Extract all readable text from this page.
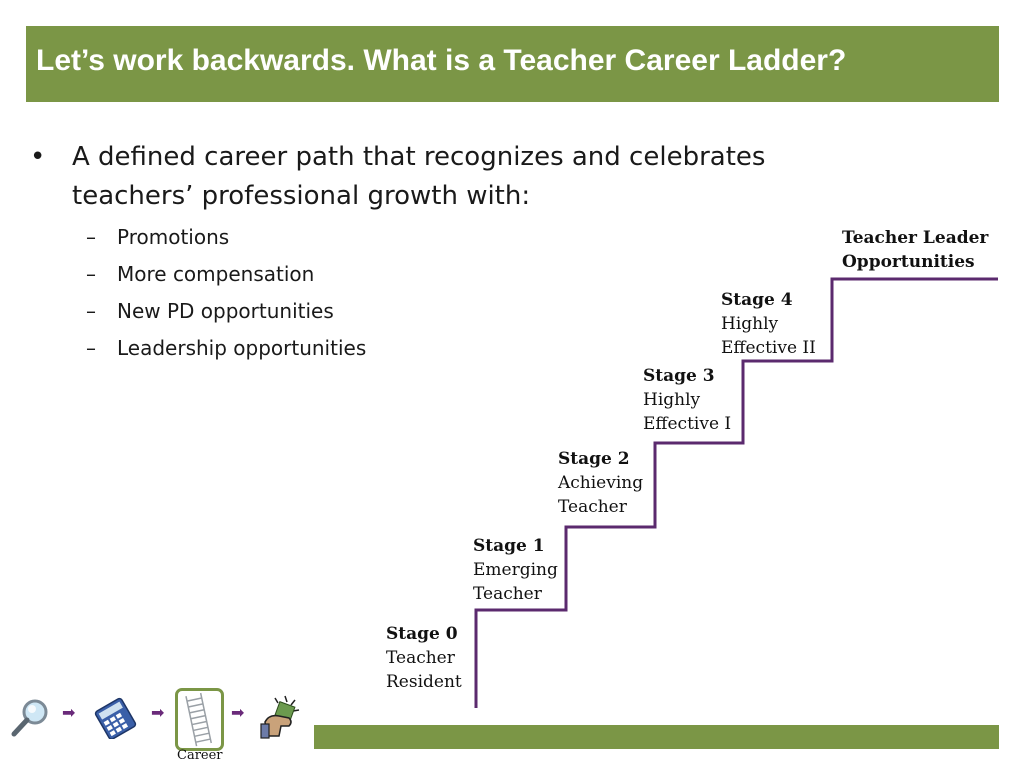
Let’s work backwards. What is a Teacher Career Ladder?
• A defined career path that recognizes and celebrates teachers’ professional growth with:
– Promotions
– More compensation
– New PD opportunities
– Leadership opportunities
Stage 0
Teacher
Resident
Stage 1
Emerging
Teacher
Stage 2
Achieving
Teacher
Stage 3
Highly
Effective I
Stage 4
Highly
Effective II
Teacher Leader
Opportunities
➡	➡
Career
➡
